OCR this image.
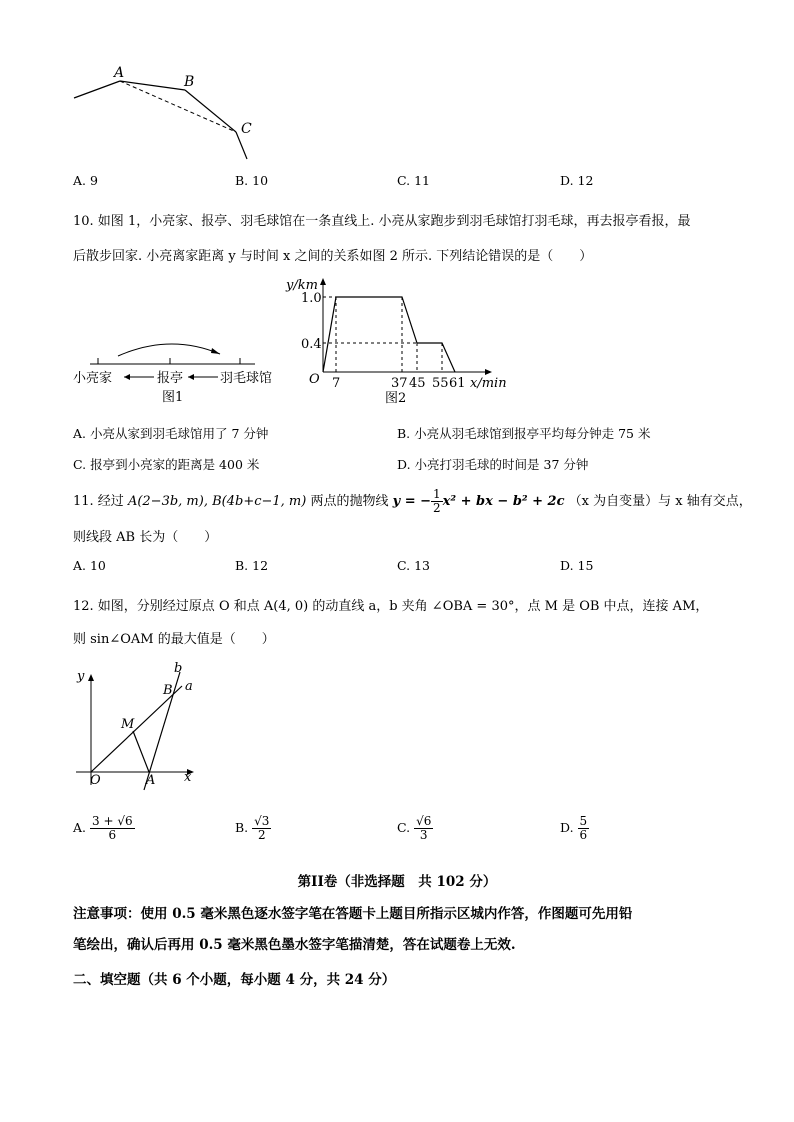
A
B
C
A. 9	B. 10	C. 11	D. 12
10. 如图 1，小亮家、报亭、羽毛球馆在一条直线上. 小亮从家跑步到羽毛球馆打羽毛球，再去报亭看报，最
后散步回家. 小亮离家距离 y 与时间 x 之间的关系如图 2 所示. 下列结论错误的是（　　）
小亮家	报亭	羽毛球馆
图1
y/km
1.0
0.4
O 7	37 45 55 61 x/min
图2
A. 小亮从家到羽毛球馆用了 7 分钟	B. 小亮从羽毛球馆到报亭平均每分钟走 75 米
C. 报亭到小亮家的距离是 400 米	D. 小亮打羽毛球的时间是 37 分钟
11. 经过 A(2−3b, m), B(4b+c−1, m) 两点的抛物线 y = − $\frac{1}{2} x^2$ + bx − b² + 2c （x 为自变量）与 x 轴有交点，
则线段 AB 长为（　　）
A. 10	B. 12	C. 13	D. 15
12. 如图，分别经过原点 O 和点 A(4, 0) 的动直线 a，b 夹角 ∠OBA = 30°，点 M 是 OB 中点，连接 AM，
则 sin∠OAM 的最大值是（　　）
y
x
O	A
B
M
a
b
A. $\frac{3 + √6}{6}$	B. $\frac{√3}{2}$	C. $\frac{√6}{3}$	D. $\frac{5}{6}$
第II卷（非选择题　共 102 分）
注意事项：使用 0.5 毫米黑色逐水签字笔在答题卡上题目所指示区城内作答，作图题可先用铅
笔绘出，确认后再用 0.5 毫米黑色墨水签字笔描清楚，答在试题卷上无效.
二、填空题（共 6 个小题，每小题 4 分，共 24 分）
